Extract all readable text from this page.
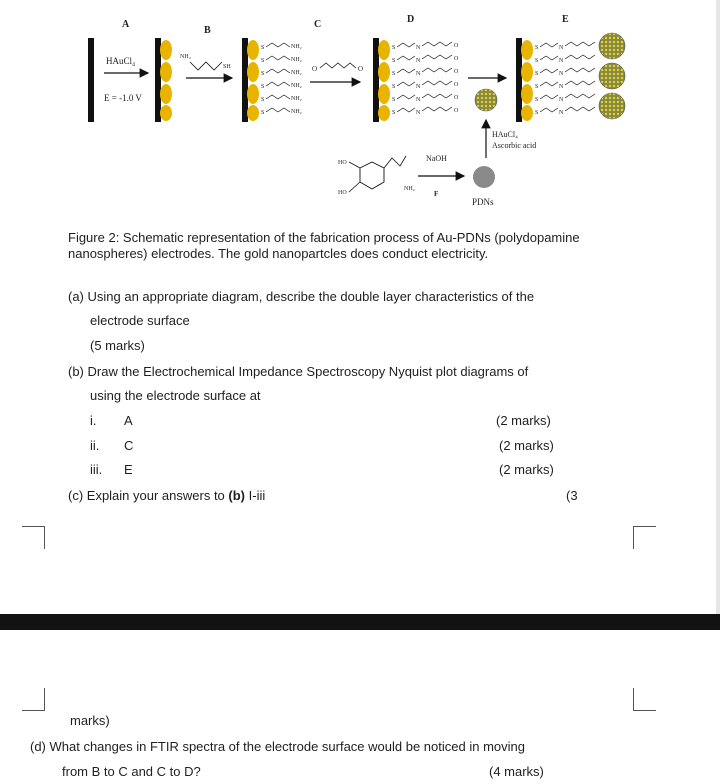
A
B
C	D	E
HAuCl₄
E = -1.0 V
NH₂
SH
S
S
S
S
S
S
NH₂
NH₂
NH₂
NH₂
NH₂
NH₂
O	O
S
S
S
S
S
S
N
N
N
N
N
N
O
O
O
O
O
O
S
S
S
S
S
S
N
N
N
N
N
N
HAuCl₄
Ascorbic acid
HO
HO
NH₂
NaOH
F
PDNs
Figure 2: Schematic representation of the fabrication process of Au-PDNs (polydopamine nanospheres) electrodes. The gold nanopartcles does conduct electricity.
(a) Using an appropriate diagram, describe the double layer characteristics of the
electrode surface
(5 marks)
(b) Draw the Electrochemical Impedance Spectroscopy Nyquist plot diagrams of
using the electrode surface at
i. A	(2 marks)
ii. C	(2 marks)
iii. E	(2 marks)
(c) Explain your answers to (b) I-iii	(3
marks)
(d) What changes in FTIR spectra of the electrode surface would be noticed in moving
from B to C and C to D?	(4 marks)
